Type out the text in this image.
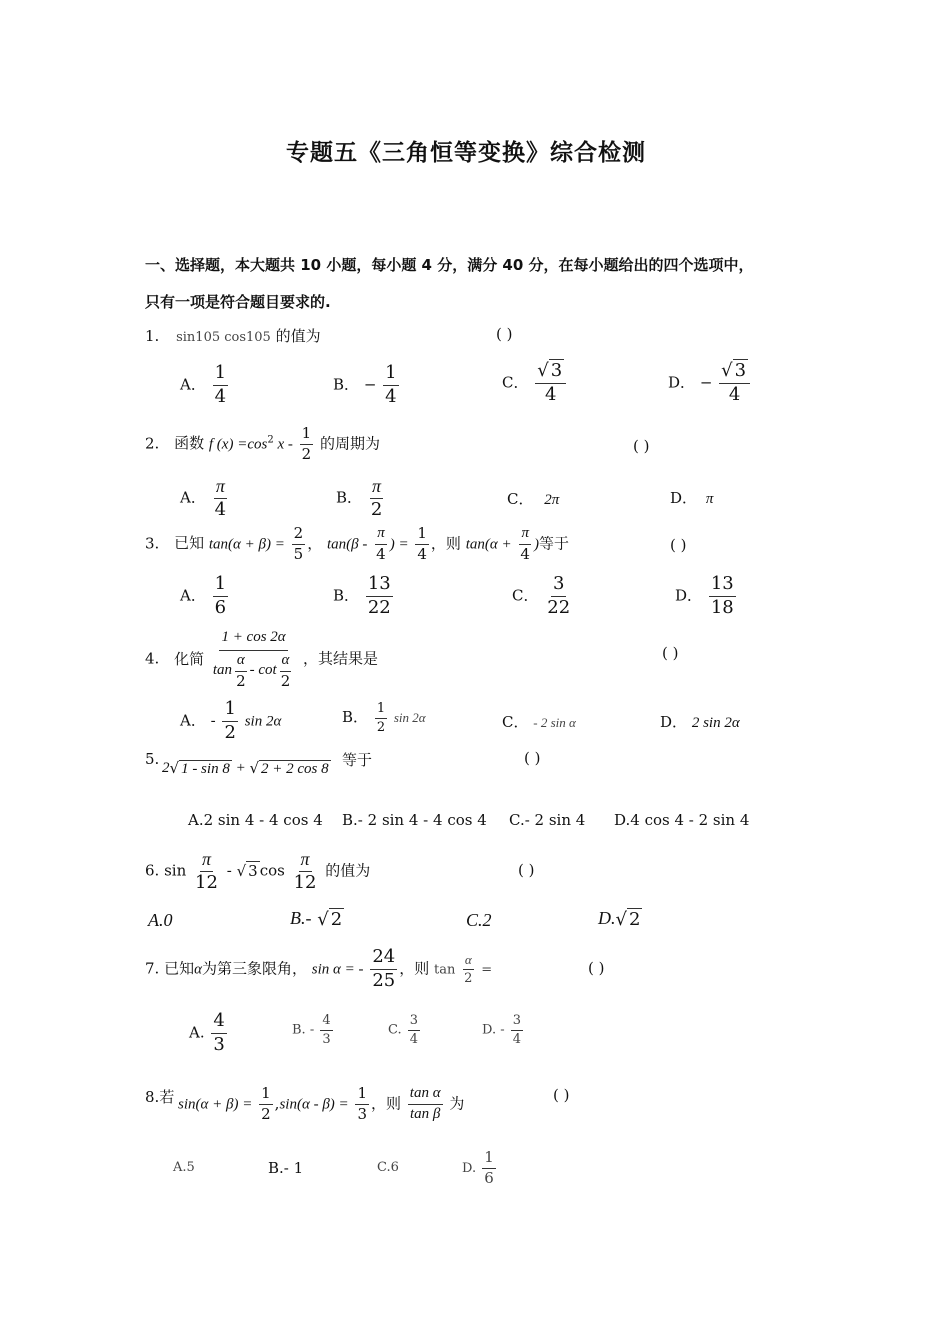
专题五《三角恒等变换》综合检测
一、选择题，本大题共 10 小题，每小题 4 分，满分 40 分，在每小题给出的四个选项中，
只有一项是符合题目要求的.
1. sin105 cos105 的值为	( )
A． $\frac{1}{4}$	B． − $\frac{1}{4}$	C． $\frac{√ 3}{4}$	D． − $\frac{√ 3}{4}$
2. 函数 f $(x) =\cos^2$ x - $\frac{1}{2}$ 的周期为	( )
A． $\frac{\pi}{4}$	B． $\frac{\pi}{2}$	C． 2π	D． π
3. 已知 $\tan(\alpha + \beta) = \frac{2}{5}$ ， $\tan(\beta - \frac{\pi}{4}$ ) = $\frac{1}{4}$ ，则 $\tan(\alpha + \frac{\pi}{4}$ )等于	( )
A． $\frac{1}{6}$	B． $\frac{13}{22}$	C． $\frac{3}{22}$	D． $\frac{13}{18}$
4. 化简 $\frac{1 + \cos 2\alpha}{\tan \frac{\alpha}{2} - \cot \frac{\alpha}{2}}$ ，其结果是	( )
A． - $\frac{1}{2}$ sin 2α	B． $\frac{1}{2}$ sin 2α	C． - 2 sin α	D． 2 sin 2α
5. 2√ 1 - sin 8 + √ 2 + 2 cos 8 等于	( )
A.2 sin 4 - 4 cos 4 B.- 2 sin 4 - 4 cos 4 C.- 2 sin 4 D.4 cos 4 - 2 sin 4
6. $\sin \frac{\pi}{12}$ - √ 3 $\cos \frac{\pi}{12}$ 的值为	( )
A.0	B.- √ 2	C.2	D.√ 2
7. 已知α为第三象限角， sin α = - $\frac{24}{25}$ ，则 $\tan \frac{\alpha}{2}$ =	( )
A. $\frac{4}{3}$	B. - $\frac{4}{3}$	C. $\frac{3}{4}$	D. - $\frac{3}{4}$
8.若 $\sin(\alpha + \beta) = \frac{1}{2} ,\sin(\alpha - \beta) = \frac{1}{3}$ ，则 $\frac{\text{tan α}}{\text{tan β}}$ 为	( )
A.5	B.- 1	C.6	D. $\frac{1}{6}$
